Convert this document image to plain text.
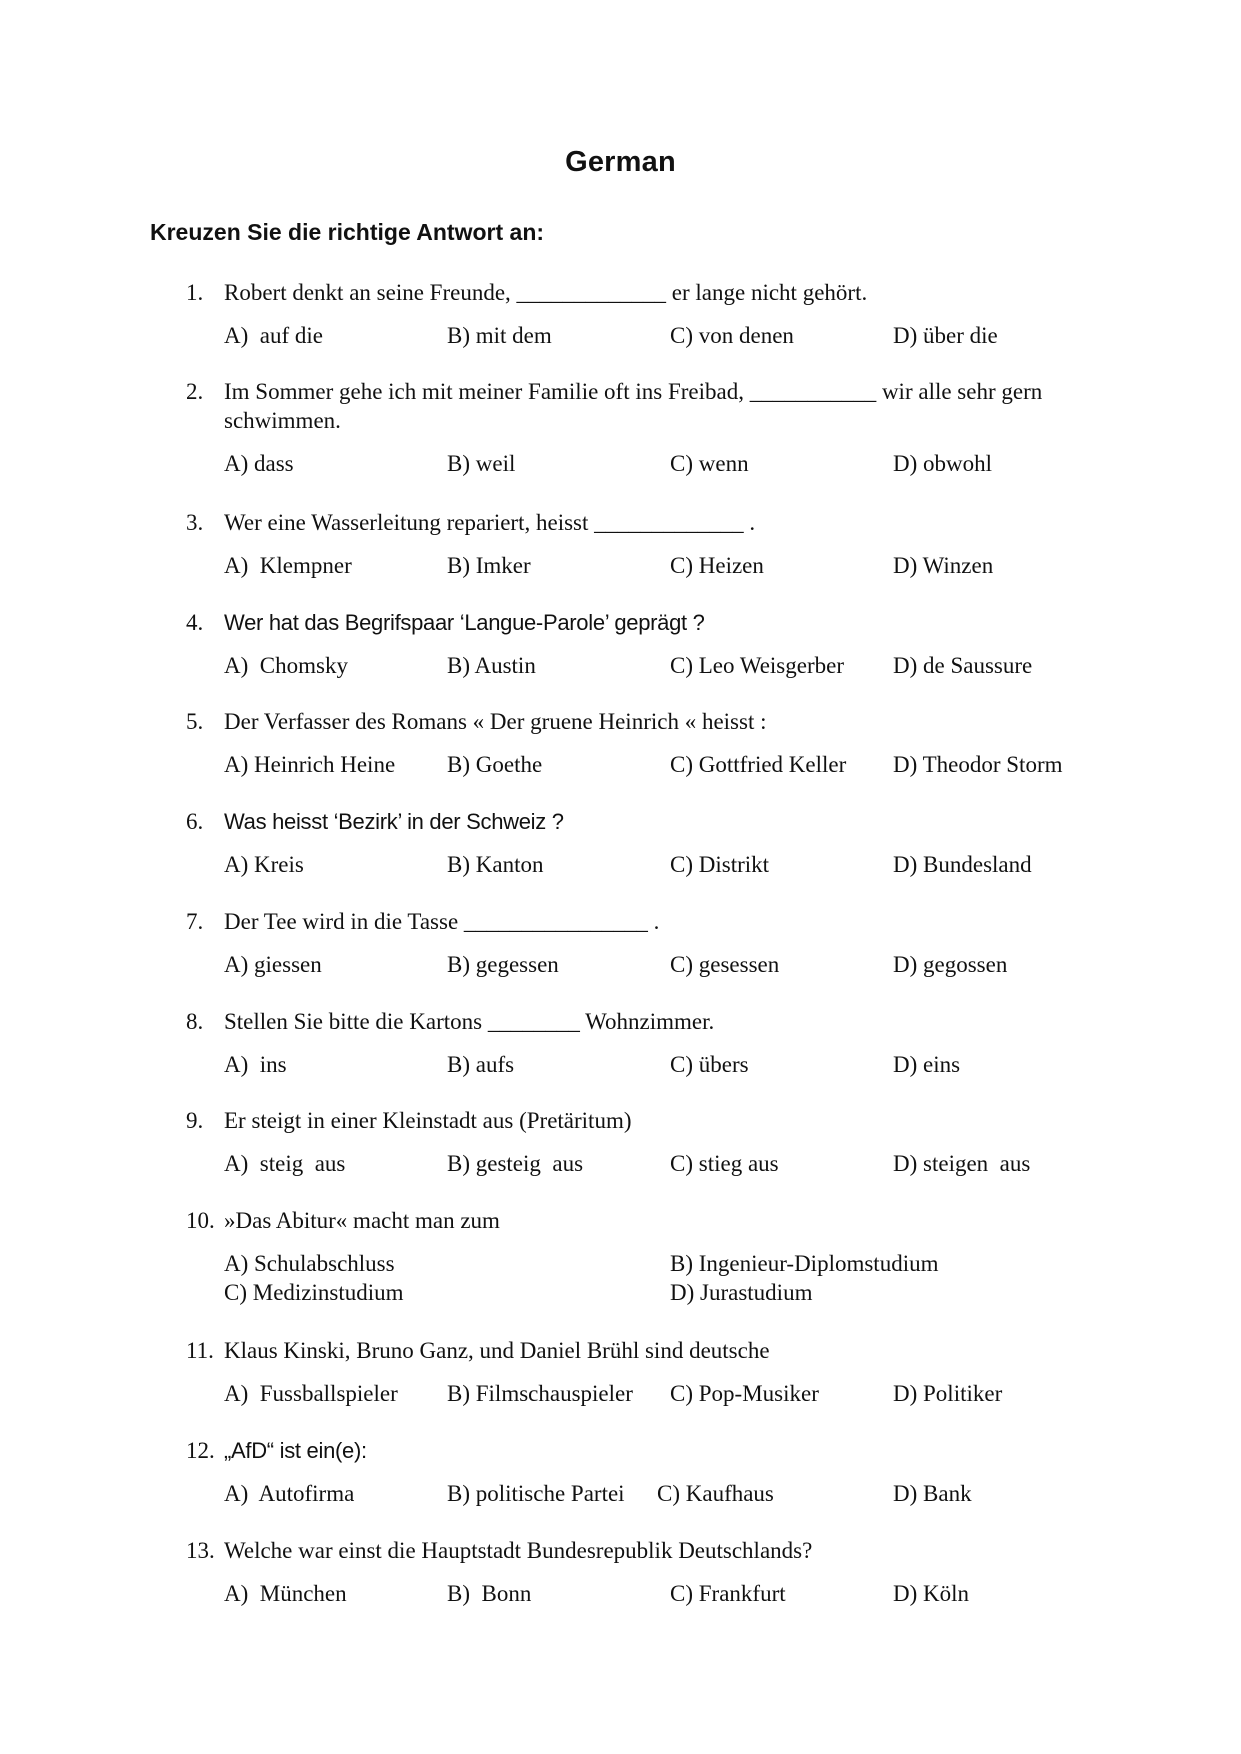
German
Kreuzen Sie die richtige Antwort an:
1. Robert denkt an seine Freunde, _____________ er lange nicht gehört.
A)  auf die	B) mit dem	C) von denen	D) über die
2. Im Sommer gehe ich mit meiner Familie oft ins Freibad, ___________ wir alle sehr gern schwimmen.
A) dass	B) weil	C) wenn	D) obwohl
3. Wer eine Wasserleitung repariert, heisst _____________ .
A)  Klempner	B) Imker	C) Heizen	D) Winzen
4. Wer hat das Begrifspaar ‘Langue-Parole’ geprägt ?
A)  Chomsky	B) Austin	C) Leo Weisgerber D) de Saussure
5. Der Verfasser des Romans « Der gruene Heinrich « heisst :
A) Heinrich Heine B) Goethe	C) Gottfried Keller D) Theodor Storm
6. Was heisst ‘Bezirk’ in der Schweiz ?
A) Kreis	B) Kanton	C) Distrikt	D) Bundesland
7. Der Tee wird in die Tasse ________________ .
A) giessen	B) gegessen	C) gesessen	D) gegossen
8. Stellen Sie bitte die Kartons ________ Wohnzimmer.
A)  ins	B) aufs	C) übers	D) eins
9. Er steigt in einer Kleinstadt aus (Pretäritum)
A)  steig  aus	B) gesteig  aus	C) stieg aus	D) steigen  aus
10. »Das Abitur« macht man zum
A) Schulabschluss	B) Ingenieur-Diplomstudium
C) Medizinstudium	D) Jurastudium
11. Klaus Kinski, Bruno Ganz, und Daniel Brühl sind deutsche
A)  Fussballspieler B) Filmschauspieler C) Pop-Musiker	D) Politiker
12. „AfD“ ist ein(e):
A)  Autofirma	B) politische Partei C) Kaufhaus	D) Bank
13. Welche war einst die Hauptstadt Bundesrepublik Deutschlands?
A)  München	B)  Bonn	C) Frankfurt	D) Köln
